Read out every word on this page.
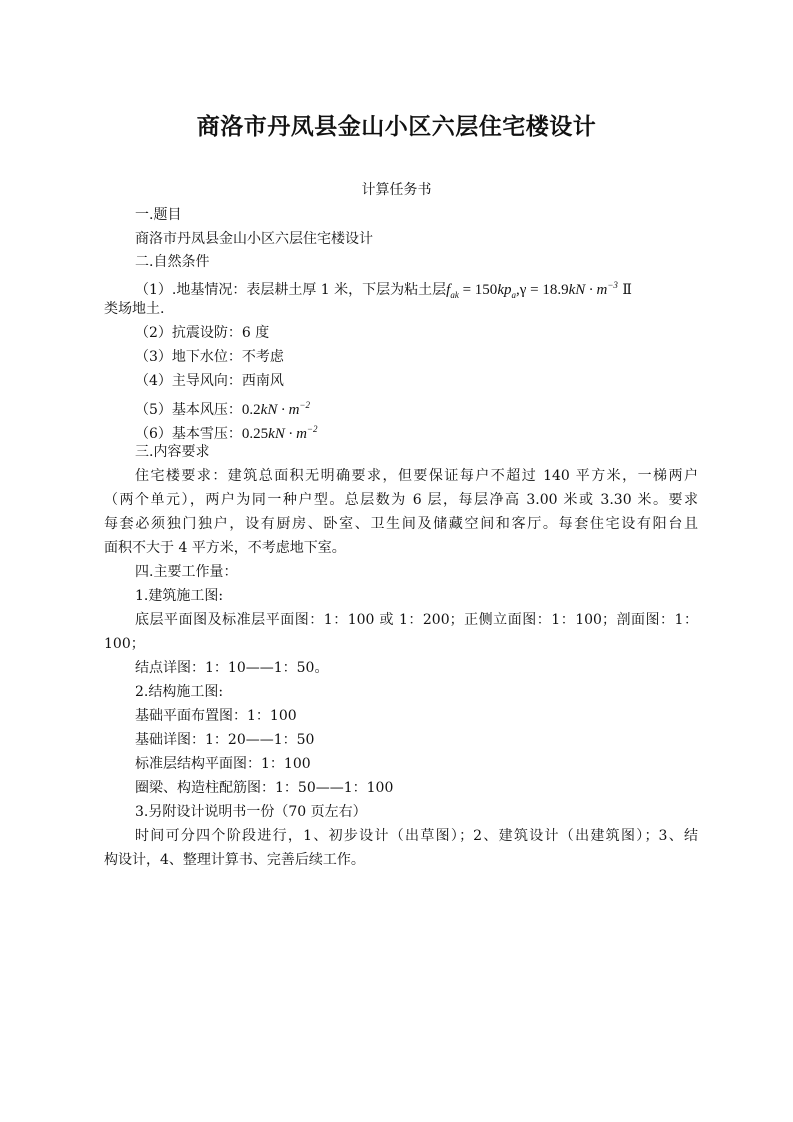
商洛市丹凤县金山小区六层住宅楼设计
计算任务书
一.题目
商洛市丹凤县金山小区六层住宅楼设计
二.自然条件
（1）.地基情况：表层耕土厚 1 米，下层为粘土层$f_{ak} = 150kp_a,\gamma = 18.9kN \cdot m^{-3}$ Ⅱ
类场地土.
（2）抗震设防：6 度
（3）地下水位：不考虑
（4）主导风向：西南风
（5）基本风压：$0.2kN \cdot m^{-2}$
（6）基本雪压：$0.25kN \cdot m^{-2}$
三.内容要求
住宅楼要求：建筑总面积无明确要求，但要保证每户不超过 140 平方米，一梯两户
（两个单元），两户为同一种户型。总层数为 6 层，每层净高 3.00 米或 3.30 米。要求
每套必须独门独户，设有厨房、卧室、卫生间及储藏空间和客厅。每套住宅设有阳台且
面积不大于 4 平方米，不考虑地下室。
四.主要工作量：
1.建筑施工图:
底层平面图及标准层平面图：1：100 或 1：200；正侧立面图：1：100；剖面图：1：
100；
结点详图：1：10——1：50。
2.结构施工图:
基础平面布置图：1：100
基础详图：1：20——1：50
标准层结构平面图：1：100
圈梁、构造柱配筋图：1：50——1：100
3.另附设计说明书一份（70 页左右）
时间可分四个阶段进行，1、初步设计（出草图）；2、建筑设计（出建筑图）；3、结
构设计，4、整理计算书、完善后续工作。
